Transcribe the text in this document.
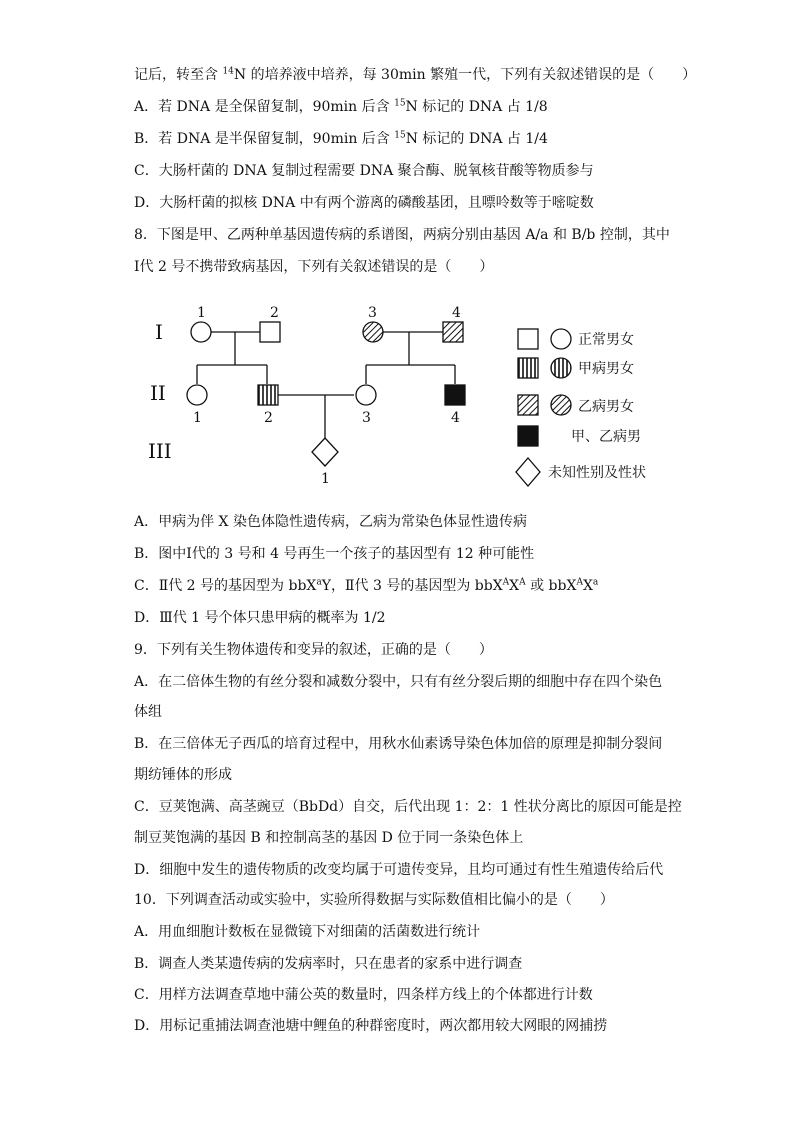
记后，转至含 $^{14}$N 的培养液中培养，每 30min 繁殖一代，下列有关叙述错误的是（　　）
A．若 DNA 是全保留复制，90min 后含 $^{15}$N 标记的 DNA 占 1/8
B．若 DNA 是半保留复制，90min 后含 $^{15}$N 标记的 DNA 占 1/4
C．大肠杆菌的 DNA 复制过程需要 DNA 聚合酶、脱氧核苷酸等物质参与
D．大肠杆菌的拟核 DNA 中有两个游离的磷酸基团，且嘌呤数等于嘧啶数
8．下图是甲、乙两种单基因遗传病的系谱图，两病分别由基因 A/a 和 B/b 控制，其中
Ⅰ代 2 号不携带致病基因，下列有关叙述错误的是（　　）
I
II
III
1	2	3	4
1	2	3	4
1
正常男女
甲病男女
乙病男女
甲、乙病男
未知性别及性状
A．甲病为伴 X 染色体隐性遗传病，乙病为常染色体显性遗传病
B．图中Ⅰ代的 3 号和 4 号再生一个孩子的基因型有 12 种可能性
C．Ⅱ代 2 号的基因型为 bbX$^a$Y，Ⅱ代 3 号的基因型为 $bbX^AX^A$ 或 $bbX^AX^a$
D．Ⅲ代 1 号个体只患甲病的概率为 1/2
9．下列有关生物体遗传和变异的叙述，正确的是（　　）
A．在二倍体生物的有丝分裂和减数分裂中，只有有丝分裂后期的细胞中存在四个染色
体组
B．在三倍体无子西瓜的培育过程中，用秋水仙素诱导染色体加倍的原理是抑制分裂间
期纺锤体的形成
C．豆荚饱满、高茎豌豆（BbDd）自交，后代出现 1：2：1 性状分离比的原因可能是控
制豆荚饱满的基因 B 和控制高茎的基因 D 位于同一条染色体上
D．细胞中发生的遗传物质的改变均属于可遗传变异，且均可通过有性生殖遗传给后代
10．下列调查活动或实验中，实验所得数据与实际数值相比偏小的是（　　）
A．用血细胞计数板在显微镜下对细菌的活菌数进行统计
B．调查人类某遗传病的发病率时，只在患者的家系中进行调查
C．用样方法调查草地中蒲公英的数量时，四条样方线上的个体都进行计数
D．用标记重捕法调查池塘中鲤鱼的种群密度时，两次都用较大网眼的网捕捞
